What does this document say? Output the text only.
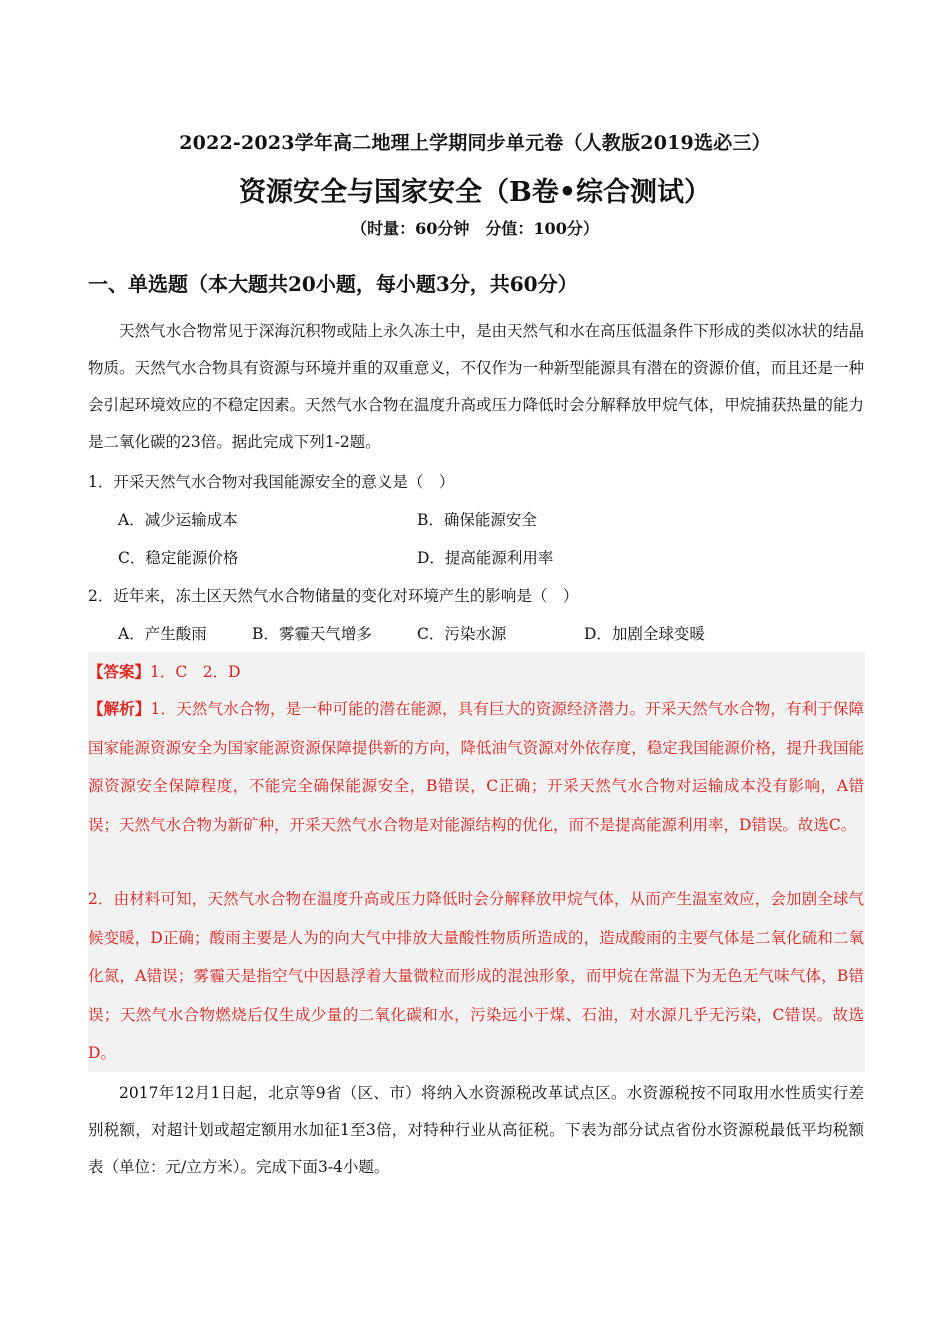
2022-2023学年高二地理上学期同步单元卷（人教版2019选必三）
资源安全与国家安全（B卷•综合测试）
（时量：60分钟　分值：100分）
一、单选题（本大题共20小题，每小题3分，共60分）
天然气水合物常见于深海沉积物或陆上永久冻土中，是由天然气和水在高压低温条件下形成的类似冰状的结晶物质。天然气水合物具有资源与环境并重的双重意义，不仅作为一种新型能源具有潜在的资源价值，而且还是一种会引起环境效应的不稳定因素。天然气水合物在温度升高或压力降低时会分解释放甲烷气体，甲烷捕获热量的能力是二氧化碳的23倍。据此完成下列1-2题。
1．开采天然气水合物对我国能源安全的意义是（　）
A．减少运输成本	B．确保能源安全
C．稳定能源价格	D．提高能源利用率
2．近年来，冻土区天然气水合物储量的变化对环境产生的影响是（　）
A．产生酸雨	B．雾霾天气增多	C．污染水源	D．加剧全球变暖
【答案】1．C　2．D
【解析】1．天然气水合物，是一种可能的潜在能源，具有巨大的资源经济潜力。开采天然气水合物，有利于保障国家能源资源安全为国家能源资源保障提供新的方向，降低油气资源对外依存度，稳定我国能源价格，提升我国能源资源安全保障程度，不能完全确保能源安全，B错误，C正确；开采天然气水合物对运输成本没有影响，A错误；天然气水合物为新矿种，开采天然气水合物是对能源结构的优化，而不是提高能源利用率，D错误。故选C。
2．由材料可知，天然气水合物在温度升高或压力降低时会分解释放甲烷气体，从而产生温室效应，会加剧全球气候变暖，D正确；酸雨主要是人为的向大气中排放大量酸性物质所造成的，造成酸雨的主要气体是二氧化硫和二氧化氮，A错误；雾霾天是指空气中因悬浮着大量微粒而形成的混浊形象，而甲烷在常温下为无色无气味气体，B错误；天然气水合物燃烧后仅生成少量的二氧化碳和水，污染远小于煤、石油，对水源几乎无污染，C错误。故选D。
2017年12月1日起，北京等9省（区、市）将纳入水资源税改革试点区。水资源税按不同取用水性质实行差别税额，对超计划或超定额用水加征1至3倍，对特种行业从高征税。下表为部分试点省份水资源税最低平均税额表（单位：元/立方米）。完成下面3-4小题。
